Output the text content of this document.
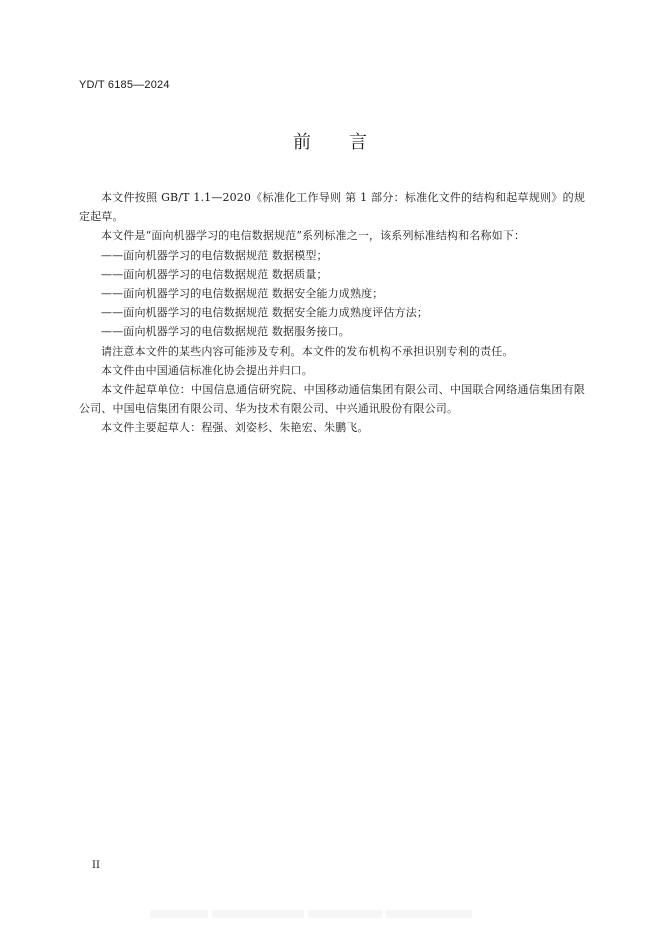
YD/T 6185—2024
前 言

本文件按照 GB/T 1.1—2020《标准化工作导则 第 1 部分：标准化文件的结构和起草规则》的规定起草。

本文件是“面向机器学习的电信数据规范”系列标准之一，该系列标准结构和名称如下：

——面向机器学习的电信数据规范 数据模型；

——面向机器学习的电信数据规范 数据质量；

——面向机器学习的电信数据规范 数据安全能力成熟度；

——面向机器学习的电信数据规范 数据安全能力成熟度评估方法；

——面向机器学习的电信数据规范 数据服务接口。

请注意本文件的某些内容可能涉及专利。本文件的发布机构不承担识别专利的责任。

本文件由中国通信标准化协会提出并归口。

本文件起草单位：中国信息通信研究院、中国移动通信集团有限公司、中国联合网络通信集团有限公司、中国电信集团有限公司、华为技术有限公司、中兴通讯股份有限公司。

本文件主要起草人：程强、刘姿杉、朱艳宏、朱鹏飞。

II
